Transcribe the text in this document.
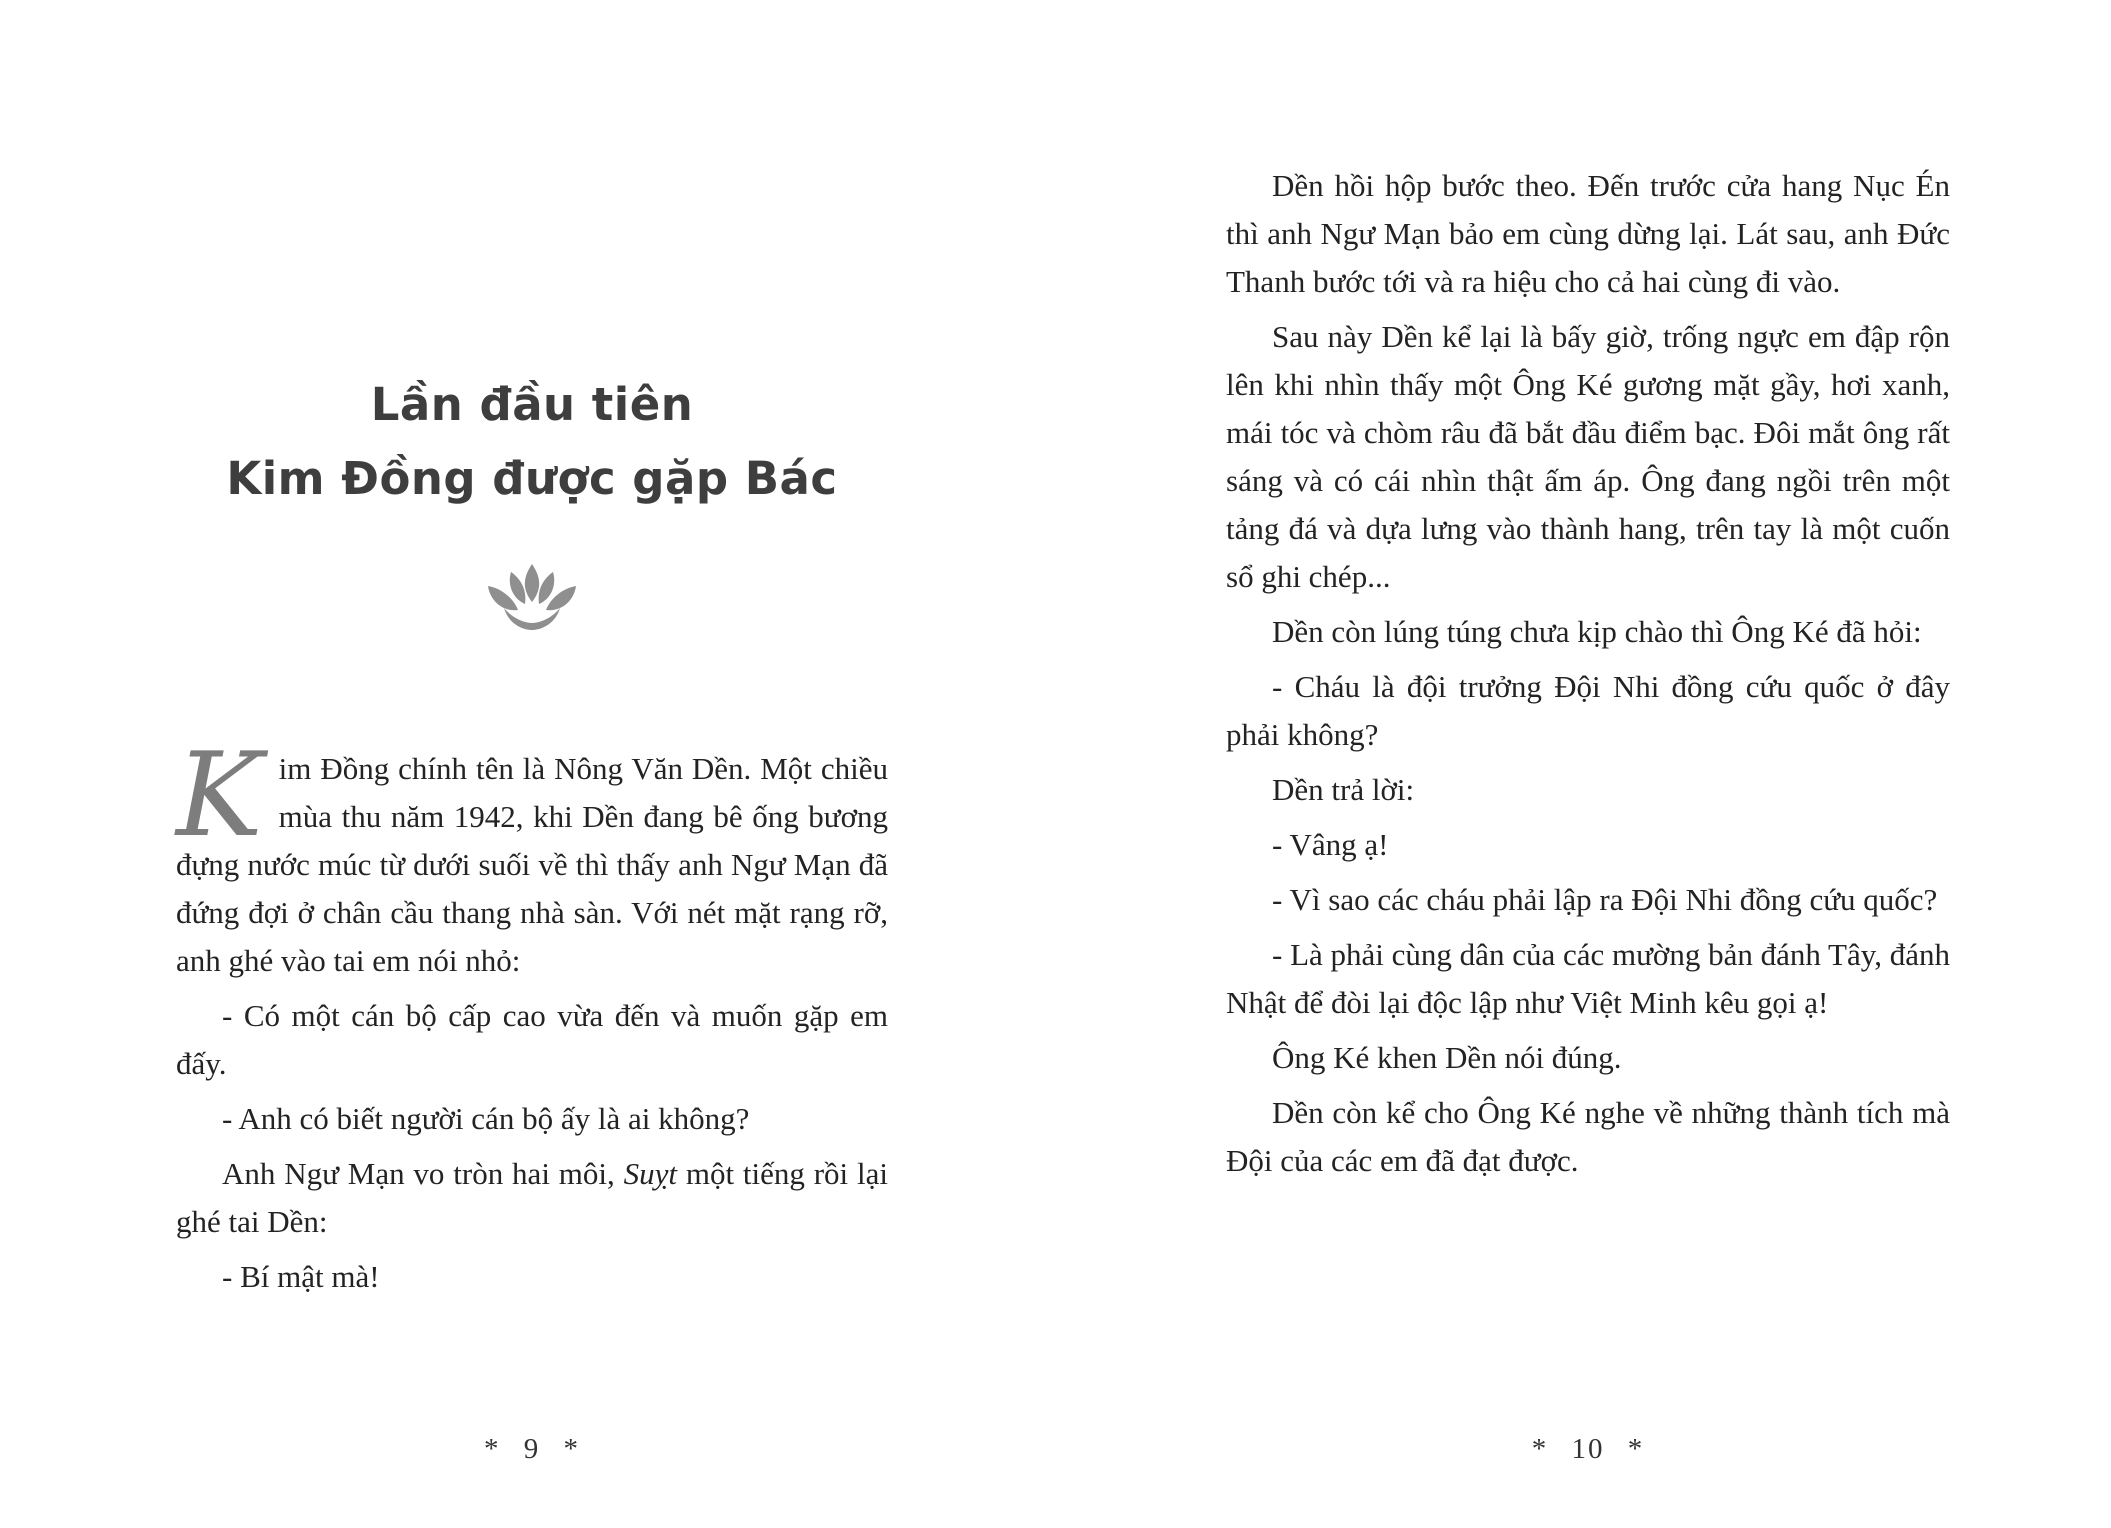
Lần đầu tiên
Kim Đồng được gặp Bác

Kim Đồng chính tên là Nông Văn Dền. Một chiều mùa thu năm 1942, khi Dền đang bê ống bương đựng nước múc từ dưới suối về thì thấy anh Ngư Mạn đã đứng đợi ở chân cầu thang nhà sàn. Với nét mặt rạng rỡ, anh ghé vào tai em nói nhỏ:

- Có một cán bộ cấp cao vừa đến và muốn gặp em đấy.

- Anh có biết người cán bộ ấy là ai không?

Anh Ngư Mạn vo tròn hai môi, Suỵt một tiếng rồi lại ghé tai Dền:

- Bí mật mà!

* 9 *

Dền hồi hộp bước theo. Đến trước cửa hang Nục Én thì anh Ngư Mạn bảo em cùng dừng lại. Lát sau, anh Đức Thanh bước tới và ra hiệu cho cả hai cùng đi vào.

Sau này Dền kể lại là bấy giờ, trống ngực em đập rộn lên khi nhìn thấy một Ông Ké gương mặt gầy, hơi xanh, mái tóc và chòm râu đã bắt đầu điểm bạc. Đôi mắt ông rất sáng và có cái nhìn thật ấm áp. Ông đang ngồi trên một tảng đá và dựa lưng vào thành hang, trên tay là một cuốn sổ ghi chép...

Dền còn lúng túng chưa kịp chào thì Ông Ké đã hỏi:

- Cháu là đội trưởng Đội Nhi đồng cứu quốc ở đây phải không?

Dền trả lời:

- Vâng ạ!

- Vì sao các cháu phải lập ra Đội Nhi đồng cứu quốc?

- Là phải cùng dân của các mường bản đánh Tây, đánh Nhật để đòi lại độc lập như Việt Minh kêu gọi ạ!

Ông Ké khen Dền nói đúng.

Dền còn kể cho Ông Ké nghe về những thành tích mà Đội của các em đã đạt được.

* 10 *
